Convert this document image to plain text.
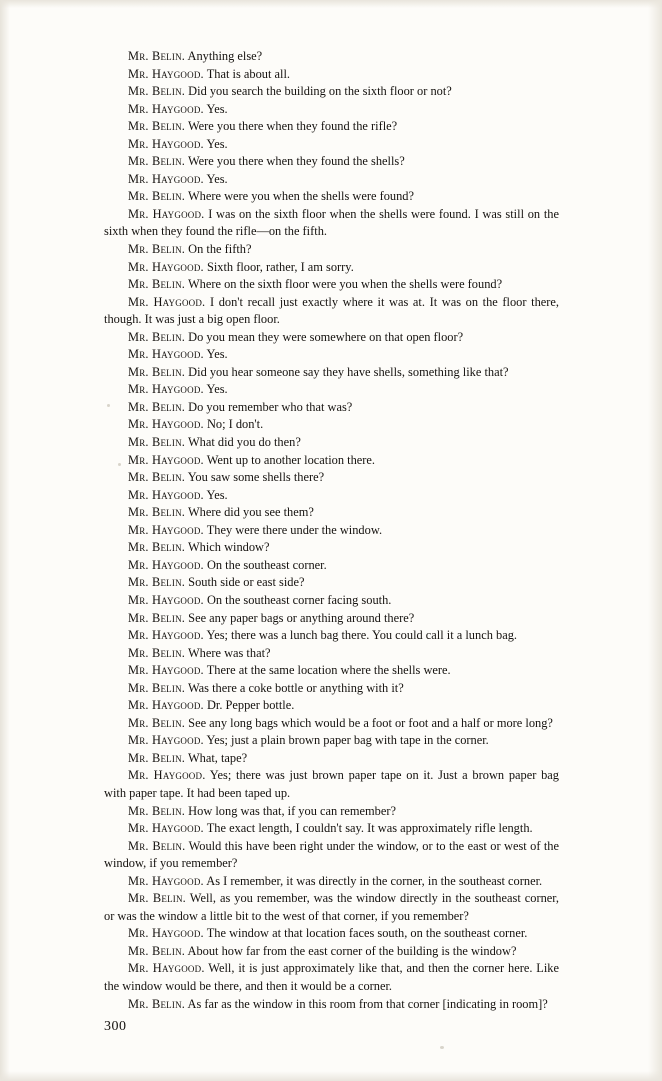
Mr. Belin. Anything else?

Mr. Haygood. That is about all.

Mr. Belin. Did you search the building on the sixth floor or not?

Mr. Haygood. Yes.

Mr. Belin. Were you there when they found the rifle?

Mr. Haygood. Yes.

Mr. Belin. Were you there when they found the shells?

Mr. Haygood. Yes.

Mr. Belin. Where were you when the shells were found?

Mr. Haygood. I was on the sixth floor when the shells were found. I was still on the sixth when they found the rifle—on the fifth.

Mr. Belin. On the fifth?

Mr. Haygood. Sixth floor, rather, I am sorry.

Mr. Belin. Where on the sixth floor were you when the shells were found?

Mr. Haygood. I don't recall just exactly where it was at. It was on the floor there, though. It was just a big open floor.

Mr. Belin. Do you mean they were somewhere on that open floor?

Mr. Haygood. Yes.

Mr. Belin. Did you hear someone say they have shells, something like that?

Mr. Haygood. Yes.

Mr. Belin. Do you remember who that was?

Mr. Haygood. No; I don't.

Mr. Belin. What did you do then?

Mr. Haygood. Went up to another location there.

Mr. Belin. You saw some shells there?

Mr. Haygood. Yes.

Mr. Belin. Where did you see them?

Mr. Haygood. They were there under the window.

Mr. Belin. Which window?

Mr. Haygood. On the southeast corner.

Mr. Belin. South side or east side?

Mr. Haygood. On the southeast corner facing south.

Mr. Belin. See any paper bags or anything around there?

Mr. Haygood. Yes; there was a lunch bag there. You could call it a lunch bag.

Mr. Belin. Where was that?

Mr. Haygood. There at the same location where the shells were.

Mr. Belin. Was there a coke bottle or anything with it?

Mr. Haygood. Dr. Pepper bottle.

Mr. Belin. See any long bags which would be a foot or foot and a half or more long?

Mr. Haygood. Yes; just a plain brown paper bag with tape in the corner.

Mr. Belin. What, tape?

Mr. Haygood. Yes; there was just brown paper tape on it. Just a brown paper bag with paper tape. It had been taped up.

Mr. Belin. How long was that, if you can remember?

Mr. Haygood. The exact length, I couldn't say. It was approximately rifle length.

Mr. Belin. Would this have been right under the window, or to the east or west of the window, if you remember?

Mr. Haygood. As I remember, it was directly in the corner, in the southeast corner.

Mr. Belin. Well, as you remember, was the window directly in the southeast corner, or was the window a little bit to the west of that corner, if you remember?

Mr. Haygood. The window at that location faces south, on the southeast corner.

Mr. Belin. About how far from the east corner of the building is the window?

Mr. Haygood. Well, it is just approximately like that, and then the corner here. Like the window would be there, and then it would be a corner.

Mr. Belin. As far as the window in this room from that corner [indicating in room]?

300
